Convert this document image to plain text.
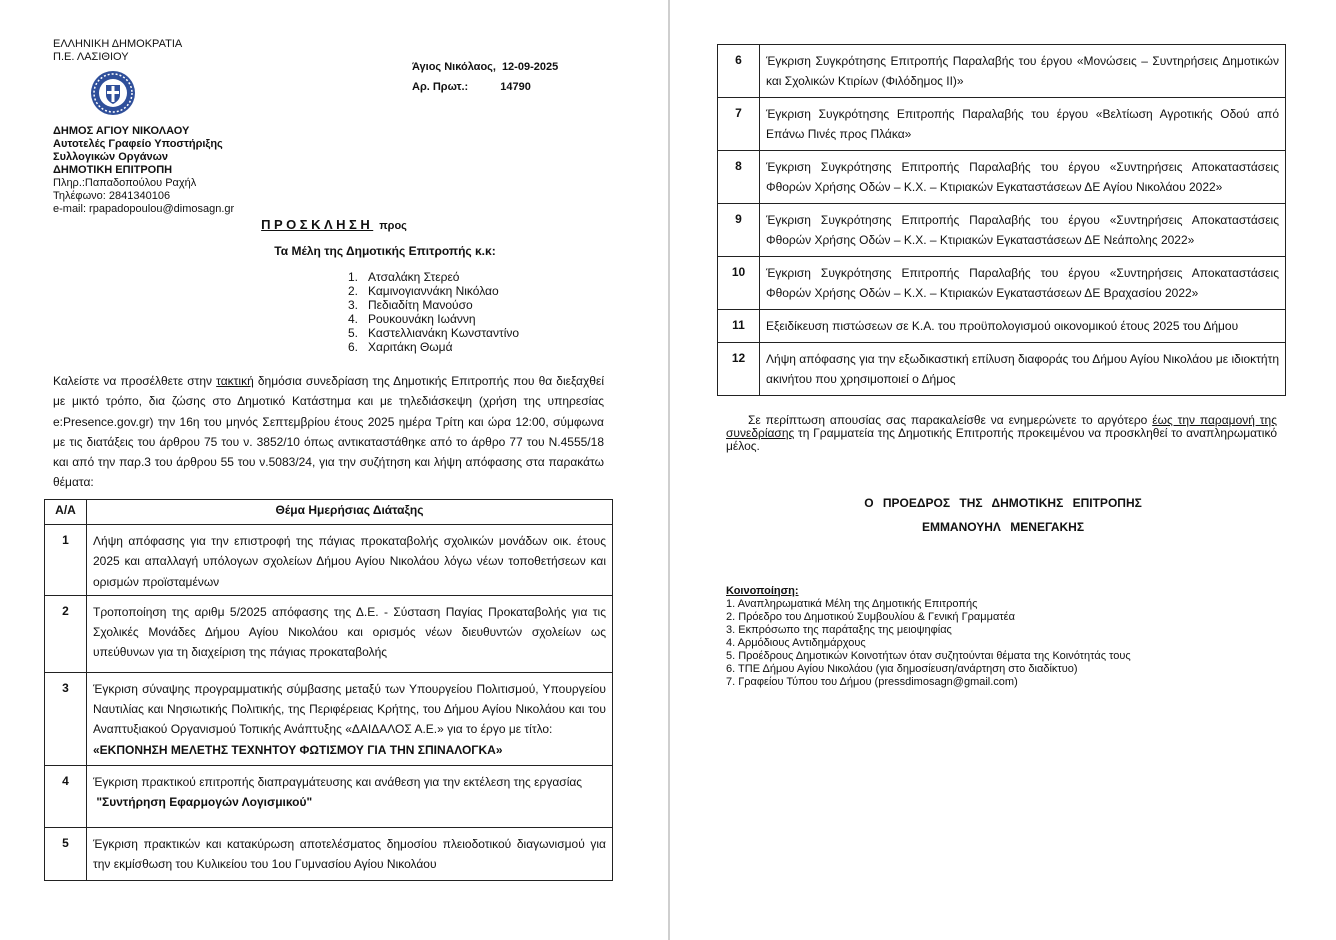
ΕΛΛΗΝΙΚΗ ΔΗΜΟΚΡΑΤΙΑ
Π.Ε. ΛΑΣΙΘΙΟΥ
ΔΗΜΟΣ ΑΓΙΟΥ ΝΙΚΟΛΑΟΥ
Αυτοτελές Γραφείο Υποστήριξης
Συλλογικών Οργάνων
ΔΗΜΟΤΙΚΗ ΕΠΙΤΡΟΠΗ
Πληρ.:Παπαδοπούλου Ραχήλ
Τηλέφωνο: 2841340106
e-mail: rpapadopoulou@dimosagn.gr
Άγιος Νικόλαος, 12-09-2025
Αρ. Πρωτ.:	14790
ΠΡΟΣΚΛΗΣΗ προς
Τα Μέλη της Δημοτικής Επιτροπής κ.κ:
1. Ατσαλάκη Στερεό
2. Καμινογιαννάκη Νικόλαο
3. Πεδιαδίτη Μανούσο
4. Ρουκουνάκη Ιωάννη
5. Καστελλιανάκη Κωνσταντίνο
6. Χαριτάκη Θωμά
Καλείστε να προσέλθετε στην τακτική δημόσια συνεδρίαση της Δημοτικής Επιτροπής που θα διεξαχθεί με μικτό τρόπο, δια ζώσης στο Δημοτικό Κατάστημα και με τηλεδιάσκεψη (χρήση της υπηρεσίας e:Presence.gov.gr) την 16η του μηνός Σεπτεμβρίου έτους 2025 ημέρα Τρίτη και ώρα 12:00, σύμφωνα με τις διατάξεις του άρθρου 75 του ν. 3852/10 όπως αντικαταστάθηκε από το άρθρο 77 του Ν.4555/18 και από την παρ.3 του άρθρου 55 του ν.5083/24, για την συζήτηση και λήψη απόφασης στα παρακάτω θέματα:
Α/Α	Θέμα Ημερήσιας Διάταξης
1	Λήψη απόφασης για την επιστροφή της πάγιας προκαταβολής σχολικών μονάδων οικ. έτους 2025 και απαλλαγή υπόλογων σχολείων Δήμου Αγίου Νικολάου λόγω νέων τοποθετήσεων και ορισμών προϊσταμένων
2	Τροποποίηση της αριθμ 5/2025 απόφασης της Δ.Ε. - Σύσταση Παγίας Προκαταβολής για τις Σχολικές Μονάδες Δήμου Αγίου Νικολάου και ορισμός νέων διευθυντών σχολείων ως υπεύθυνων για τη διαχείριση της πάγιας προκαταβολής
3	Έγκριση σύναψης προγραμματικής σύμβασης μεταξύ των Υπουργείου Πολιτισμού, Υπουργείου Ναυτιλίας και Νησιωτικής Πολιτικής, της Περιφέρειας Κρήτης, του Δήμου Αγίου Νικολάου και του Αναπτυξιακού Οργανισμού Τοπικής Ανάπτυξης «ΔΑΙΔΑΛΟΣ Α.Ε.» για το έργο με τίτλο:
«ΕΚΠΟΝΗΣΗ ΜΕΛΕΤΗΣ ΤΕΧΝΗΤΟΥ ΦΩΤΙΣΜΟΥ ΓΙΑ ΤΗΝ ΣΠΙΝΑΛΟΓΚΑ»
4	Έγκριση πρακτικού επιτροπής διαπραγμάτευσης και ανάθεση για την εκτέλεση της εργασίας
"Συντήρηση Εφαρμογών Λογισμικού"
5	Έγκριση πρακτικών και κατακύρωση αποτελέσματος δημοσίου πλειοδοτικού διαγωνισμού για την εκμίσθωση του Κυλικείου του 1ου Γυμνασίου Αγίου Νικολάου
6	Έγκριση Συγκρότησης Επιτροπής Παραλαβής του έργου «Μονώσεις – Συντηρήσεις Δημοτικών και Σχολικών Κτιρίων (Φιλόδημος ΙΙ)»
7	Έγκριση Συγκρότησης Επιτροπής Παραλαβής του έργου «Βελτίωση Αγροτικής Οδού από Επάνω Πινές προς Πλάκα»
8	Έγκριση Συγκρότησης Επιτροπής Παραλαβής του έργου «Συντηρήσεις Αποκαταστάσεις Φθορών Χρήσης Οδών – Κ.Χ. – Κτιριακών Εγκαταστάσεων ΔΕ Αγίου Νικολάου 2022»
9	Έγκριση Συγκρότησης Επιτροπής Παραλαβής του έργου «Συντηρήσεις Αποκαταστάσεις Φθορών Χρήσης Οδών – Κ.Χ. – Κτιριακών Εγκαταστάσεων ΔΕ Νεάπολης 2022»
10	Έγκριση Συγκρότησης Επιτροπής Παραλαβής του έργου «Συντηρήσεις Αποκαταστάσεις Φθορών Χρήσης Οδών – Κ.Χ. – Κτιριακών Εγκαταστάσεων ΔΕ Βραχασίου 2022»
11	Εξειδίκευση πιστώσεων σε Κ.Α. του προϋπολογισμού οικονομικού έτους 2025 του Δήμου
12	Λήψη απόφασης για την εξωδικαστική επίλυση διαφοράς του Δήμου Αγίου Νικολάου με ιδιοκτήτη ακινήτου που χρησιμοποιεί ο Δήμος
Σε περίπτωση απουσίας σας παρακαλείσθε να ενημερώνετε το αργότερο έως την παραμονή της συνεδρίασης τη Γραμματεία της Δημοτικής Επιτροπής προκειμένου να προσκληθεί το αναπληρωματικό μέλος.
Ο ΠΡΟΕΔΡΟΣ ΤΗΣ ΔΗΜΟΤΙΚΗΣ ΕΠΙΤΡΟΠΗΣ
ΕΜΜΑΝΟΥΗΛ ΜΕΝΕΓΑΚΗΣ
Κοινοποίηση:
1. Αναπληρωματικά Μέλη της Δημοτικής Επιτροπής
2. Πρόεδρο του Δημοτικού Συμβουλίου & Γενική Γραμματέα
3. Εκπρόσωπο της παράταξης της μειοψηφίας
4. Αρμόδιους Αντιδημάρχους
5. Προέδρους Δημοτικών Κοινοτήτων όταν συζητούνται θέματα της Κοινότητάς τους
6. ΤΠΕ Δήμου Αγίου Νικολάου (για δημοσίευση/ανάρτηση στο διαδίκτυο)
7. Γραφείου Τύπου του Δήμου (pressdimosagn@gmail.com)
